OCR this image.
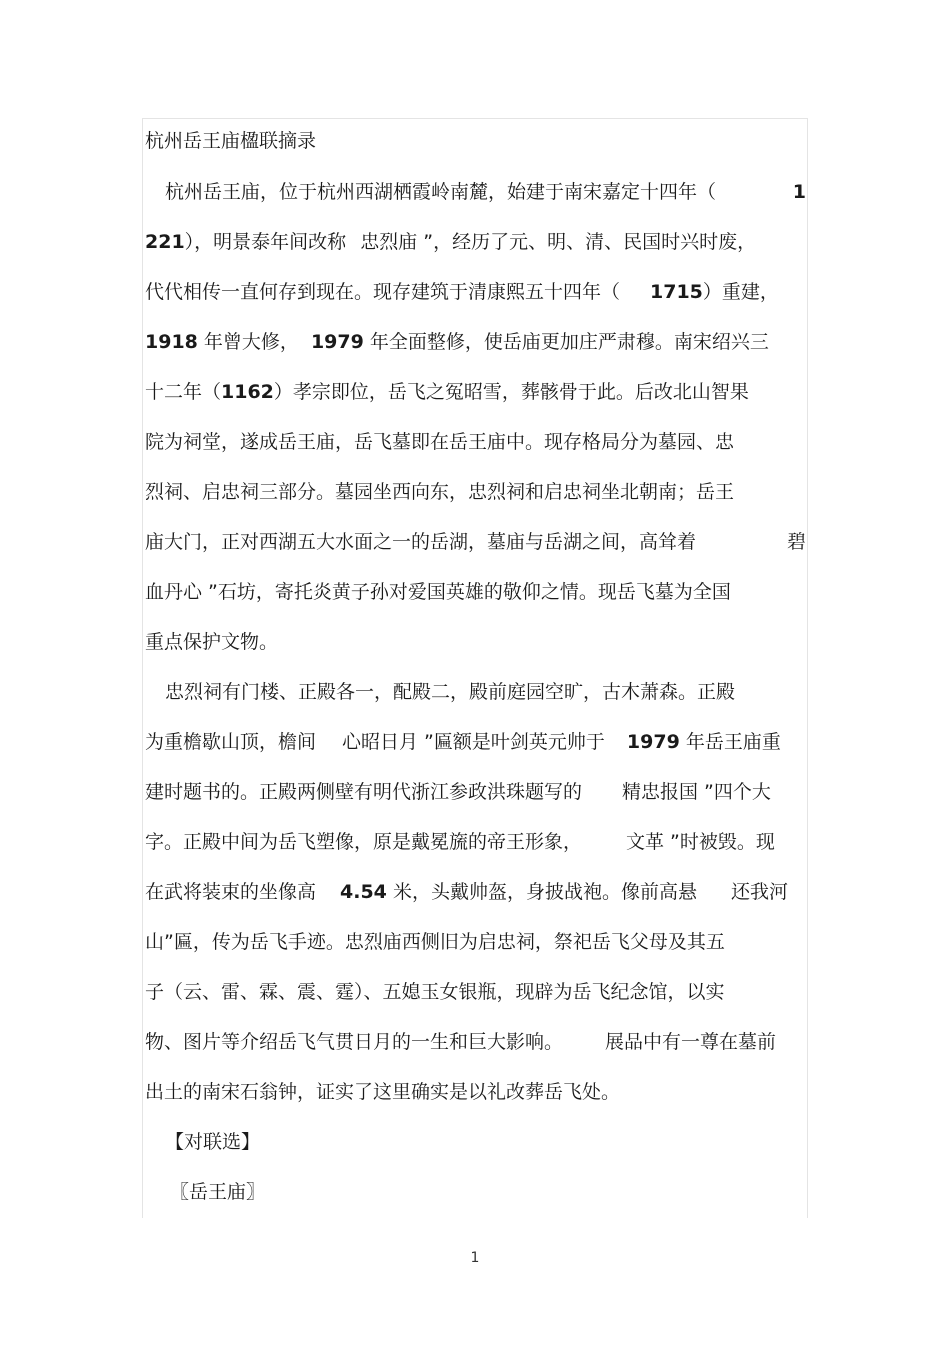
杭州岳王庙楹联摘录
杭州岳王庙，位于杭州西湖栖霞岭南麓，始建于南宋嘉定十四年（	1
221），明景泰年间改称 忠烈庙 ”，经历了元、明、清、民国时兴时废，
代代相传一直何存到现在。现存建筑于清康熙五十四年（ 1715）重建，
1918 年曾大修， 1979 年全面整修，使岳庙更加庄严肃穆。南宋绍兴三
十二年（1162）孝宗即位，岳飞之冤昭雪，葬骸骨于此。后改北山智果
院为祠堂，遂成岳王庙，岳飞墓即在岳王庙中。现存格局分为墓园、忠
烈祠、启忠祠三部分。墓园坐西向东，忠烈祠和启忠祠坐北朝南；岳王
庙大门，正对西湖五大水面之一的岳湖，墓庙与岳湖之间，高耸着	碧
血丹心 ”石坊，寄托炎黄子孙对爱国英雄的敬仰之情。现岳飞墓为全国
重点保护文物。
忠烈祠有门楼、正殿各一，配殿二，殿前庭园空旷，古木萧森。正殿
为重檐歇山顶，檐间 心昭日月 ”匾额是叶剑英元帅于 1979 年岳王庙重
建时题书的。正殿两侧壁有明代浙江参政洪珠题写的 精忠报国 ”四个大
字。正殿中间为岳飞塑像，原是戴冕旒的帝王形象， 文革 ”时被毁。现
在武将装束的坐像高 4.54 米，头戴帅盔，身披战袍。像前高悬 还我河
山”匾，传为岳飞手迹。忠烈庙西侧旧为启忠祠，祭祀岳飞父母及其五
子（云、雷、霖、震、霆）、五媳玉女银瓶，现辟为岳飞纪念馆，以实
物、图片等介绍岳飞气贯日月的一生和巨大影响。 展品中有一尊在墓前
出土的南宋石翁钟，证实了这里确实是以礼改葬岳飞处。
【对联选】
〖岳王庙〗
1
